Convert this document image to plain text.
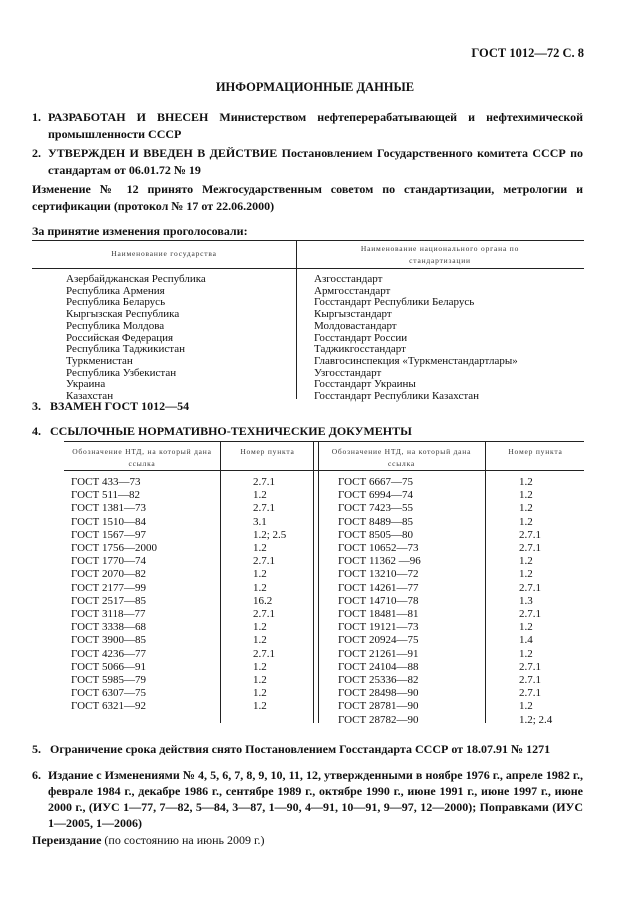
ГОСТ 1012—72 С. 8
ИНФОРМАЦИОННЫЕ ДАННЫЕ
1. РАЗРАБОТАН И ВНЕСЕН Министерством нефтеперерабатывающей и нефтехимической промышленности СССР
2. УТВЕРЖДЕН И ВВЕДЕН В ДЕЙСТВИЕ Постановлением Государственного комитета СССР по стандартам от 06.01.72 № 19
Изменение № 12 принято Межгосударственным советом по стандартизации, метрологии и сертификации (протокол № 17 от 22.06.2000)
За принятие изменения проголосовали:
Наименование государства
Наименование национального органа по стандартизации
Азербайджанская Республика	Азгосстандарт
Республика Армения	Армгосстандарт
Республика Беларусь	Госстандарт Республики Беларусь
Кыргызская Республика	Кыргызстандарт
Республика Молдова	Молдовастандарт
Российская Федерация	Госстандарт России
Республика Таджикистан	Таджикгосстандарт
Туркменистан	Главгосинспекция «Туркменстандартлары»
Республика Узбекистан	Узгосстандарт
Украина	Госстандарт Украины
Казахстан	Госстандарт Республики Казахстан
3. ВЗАМЕН ГОСТ 1012—54
4. ССЫЛОЧНЫЕ НОРМАТИВНО-ТЕХНИЧЕСКИЕ ДОКУМЕНТЫ
Обозначение НТД, на который дана ссылка
Номер пункта	Обозначение НТД, на который дана ссылка
Номер пункта
ГОСТ 433—73	2.7.1
ГОСТ 511—82	1.2
ГОСТ 1381—73	2.7.1
ГОСТ 1510—84	3.1
ГОСТ 1567—97	1.2; 2.5
ГОСТ 1756—2000	1.2
ГОСТ 1770—74	2.7.1
ГОСТ 2070—82	1.2
ГОСТ 2177—99	1.2
ГОСТ 2517—85	16.2
ГОСТ 3118—77	2.7.1
ГОСТ 3338—68	1.2
ГОСТ 3900—85	1.2
ГОСТ 4236—77	2.7.1
ГОСТ 5066—91	1.2
ГОСТ 5985—79	1.2
ГОСТ 6307—75	1.2
ГОСТ 6321—92	1.2
ГОСТ 6667—75	1.2
ГОСТ 6994—74	1.2
ГОСТ 7423—55	1.2
ГОСТ 8489—85	1.2
ГОСТ 8505—80	2.7.1
ГОСТ 10652—73	2.7.1
ГОСТ 11362 —96	1.2
ГОСТ 13210—72	1.2
ГОСТ 14261—77	2.7.1
ГОСТ 14710—78	1.3
ГОСТ 18481—81	2.7.1
ГОСТ 19121—73	1.2
ГОСТ 20924—75	1.4
ГОСТ 21261—91	1.2
ГОСТ 24104—88	2.7.1
ГОСТ 25336—82	2.7.1
ГОСТ 28498—90	2.7.1
ГОСТ 28781—90	1.2
ГОСТ 28782—90	1.2; 2.4
5. Ограничение срока действия снято Постановлением Госстандарта СССР от 18.07.91 № 1271
6. Издание с Изменениями № 4, 5, 6, 7, 8, 9, 10, 11, 12, утвержденными в ноябре 1976 г., апреле 1982 г., феврале 1984 г., декабре 1986 г., сентябре 1989 г., октябре 1990 г., июне 1991 г., июне 1997 г., июне 2000 г., (ИУС 1—77, 7—82, 5—84, 3—87, 1—90, 4—91, 10—91, 9—97, 12—2000); Поправками (ИУС 1—2005, 1—2006)
Переиздание (по состоянию на июнь 2009 г.)
